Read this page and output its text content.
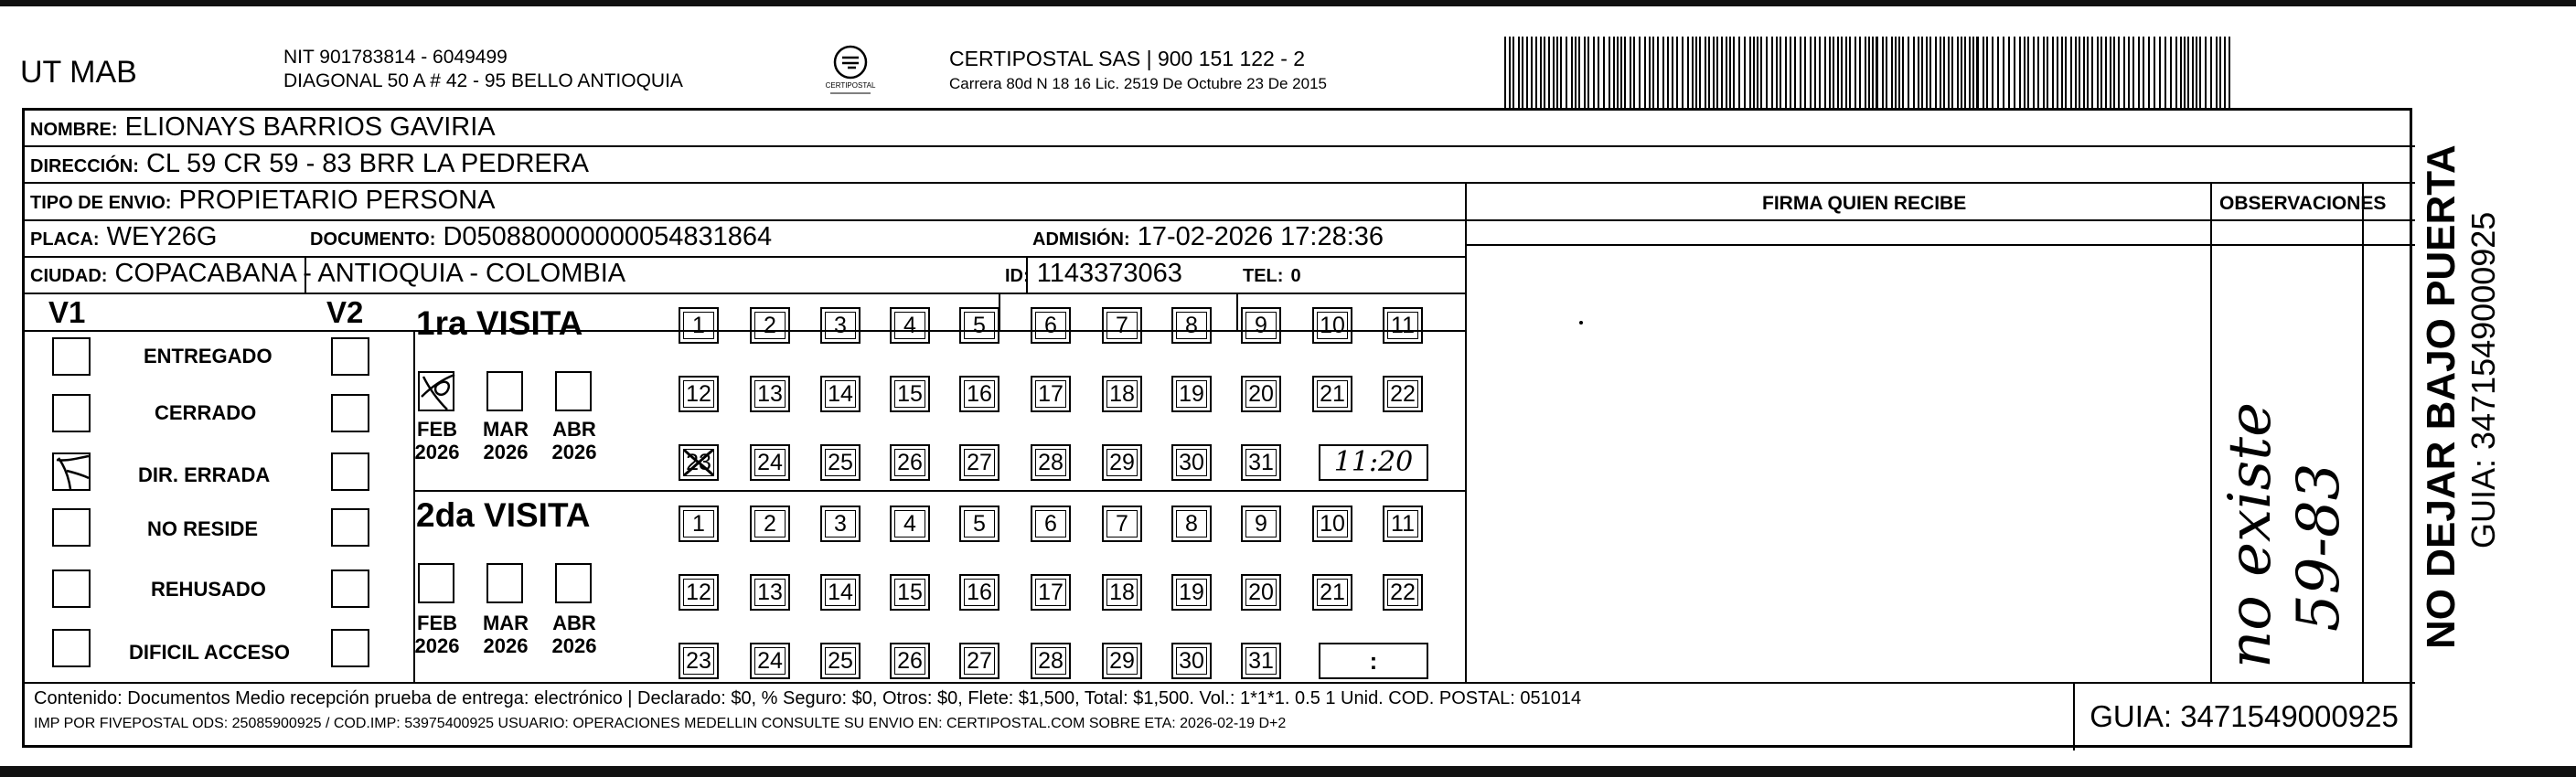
UT MAB	NIT 901783814 - 6049499
DIAGONAL 50 A # 42 - 95 BELLO ANTIOQUIA	CERTIPOSTAL
CERTIPOSTAL SAS | 900 151 122 - 2
Carrera 80d N 18 16 Lic. 2519 De Octubre 23 De 2015
NOMBRE: ELIONAYS BARRIOS GAVIRIA
DIRECCIÓN: CL 59 CR 59 - 83 BRR LA PEDRERA
TIPO DE ENVIO: PROPIETARIO PERSONA	FIRMA QUIEN RECIBE	OBSERVACIONES
PLACA: WEY26G	DOCUMENTO: D050880000000054831864	ADMISIÓN: 17-02-2026 17:28:36
CIUDAD: COPACABANA - ANTIOQUIA - COLOMBIA	ID: 1143373063	TEL: 0
V1	V2
ENTREGADO
CERRADO
DIR. ERRADA
NO RESIDE
REHUSADO
DIFICIL ACCESO
1ra VISITA
FEB
2026
MAR
2026
ABR
2026
1	2	3	4	5	6	7	8	9	10	11
12	13	14	15	16	17	18	19	20	21	22
23	24	25	26	27	28	29	30	31	11:20
2da VISITA
FEB
2026
MAR
2026
ABR
2026
1	2	3	4	5	6	7	8	9	10	11
12	13	14	15	16	17	18	19	20	21	22
23	24	25	26	27	28	29	30	31	:	no existe 59-83
Contenido: Documentos Medio recepción prueba de entrega: electrónico | Declarado: $0, % Seguro: $0, Otros: $0, Flete: $1,500, Total: $1,500. Vol.: 1*1*1. 0.5 1 Unid. COD. POSTAL: 051014
IMP POR FIVEPOSTAL ODS: 25085900925 / COD.IMP: 53975400925 USUARIO: OPERACIONES MEDELLIN CONSULTE SU ENVIO EN: CERTIPOSTAL.COM SOBRE ETA: 2026-02-19 D+2	GUIA: 3471549000925
NO DEJAR BAJO PUERTA GUIA: 3471549000925
